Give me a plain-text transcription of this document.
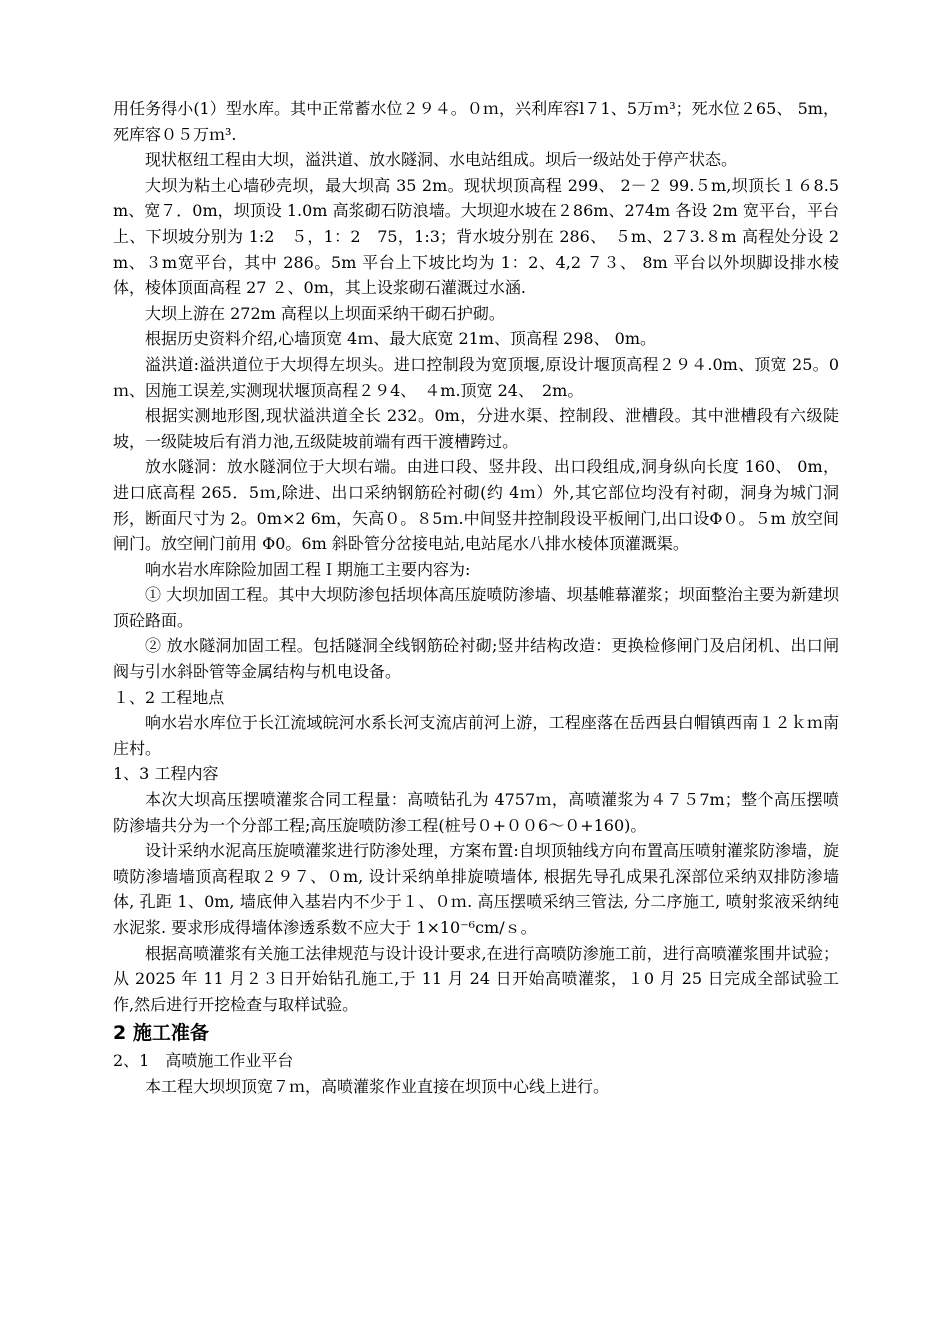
用任务得小(1）型水库。其中正常蓄水位２９４。０ｍ，兴利库容l７1、5万ｍ³；死水位２65、 5m，死库容０５万ｍ³.

现状枢纽工程由大坝，溢洪道、放水隧洞、水电站组成。坝后一级站处于停产状态。

大坝为粘土心墙砂壳坝，最大坝高 35 2m。现状坝顶高程 299、 2－２ 99.５m,坝顶长１６8.5m、宽７．0m，坝顶设 1.0m 高浆砌石防浪墙。大坝迎水坡在２86m、274m 各设 2m 宽平台，平台上、下坝坡分别为 1:2　５，1：2　75，1:3；背水坡分别在 286、　５m、2７3.８m 高程处分设 2m、３m宽平台，其中 286。5m 平台上下坡比均为 1：2、4,2 ７３、 8m 平台以外坝脚设排水棱体，棱体顶面高程 27 ２、0m，其上设浆砌石灌溉过水涵.

大坝上游在 272m 高程以上坝面采纳干砌石护砌。

根据历史资料介绍,心墙顶宽 4ｍ、最大底宽 21m、顶高程 298、 0m。

溢洪道:溢洪道位于大坝得左坝头。进口控制段为宽顶堰,原设计堰顶高程２９４.0m、顶宽 25。0ｍ、因施工误差,实测现状堰顶高程２９4、　４m.顶宽 24、　2m。

根据实测地形图,现状溢洪道全长 232。0m，分进水渠、控制段、泄槽段。其中泄槽段有六级陡坡，一级陡坡后有消力池,五级陡坡前端有西干渡槽跨过。

放水隧洞：放水隧洞位于大坝右端。由进口段、竖井段、出口段组成,洞身纵向长度 160、 0m，进口底高程 265．5ｍ,除进、出口采纳钢筋砼衬砌(约 4ｍ）外,其它部位均没有衬砌，洞身为城门洞形，断面尺寸为 2。0m×2 6m，矢高０。８5ｍ.中间竖井控制段设平板闸门,出口设Φ０。５m 放空间闸门。放空闸门前用 Φ0。6m 斜卧管分岔接电站,电站尾水八排水棱体顶灌溉渠。

响水岩水库除险加固工程Ｉ期施工主要内容为:

① 大坝加固工程。其中大坝防渗包括坝体高压旋喷防渗墙、坝基帷幕灌浆；坝面整治主要为新建坝顶砼路面。

② 放水隧洞加固工程。包括隧洞全线钢筋砼衬砌;竖井结构改造：更换检修闸门及启闭机、出口闸阀与引水斜卧管等金属结构与机电设备。

１、2 工程地点

响水岩水库位于长江流域皖河水系长河支流店前河上游，工程座落在岳西县白帽镇西南１２ｋｍ南庄村。

1、3 工程内容

本次大坝高压摆喷灌浆合同工程量：高喷钻孔为 4757ｍ，高喷灌浆为４７５7m；整个高压摆喷防渗墙共分为一个分部工程;高压旋喷防渗工程(桩号０+００6～０+160)。

设计采纳水泥高压旋喷灌浆进行防渗处理，方案布置:自坝顶轴线方向布置高压喷射灌浆防渗墙，旋喷防渗墙墙顶高程取２９７、０m, 设计采纳单排旋喷墙体, 根据先导孔成果孔深部位采纳双排防渗墙体, 孔距 1、0m, 墙底伸入基岩内不少于１、０ｍ. 高压摆喷采纳三管法, 分二序施工, 喷射浆液采纳纯水泥浆. 要求形成得墙体渗透系数不应大于 1×10⁻⁶cm/ｓ。

根据高喷灌浆有关施工法律规范与设计设计要求,在进行高喷防渗施工前，进行高喷灌浆围井试验；从 2025 年 11 月２３日开始钻孔施工,于 11 月 24 日开始高喷灌浆，１0 月 25 日完成全部试验工作,然后进行开挖检查与取样试验。

2 施工准备

2、1　高喷施工作业平台

本工程大坝坝顶宽７ｍ，高喷灌浆作业直接在坝顶中心线上进行。
